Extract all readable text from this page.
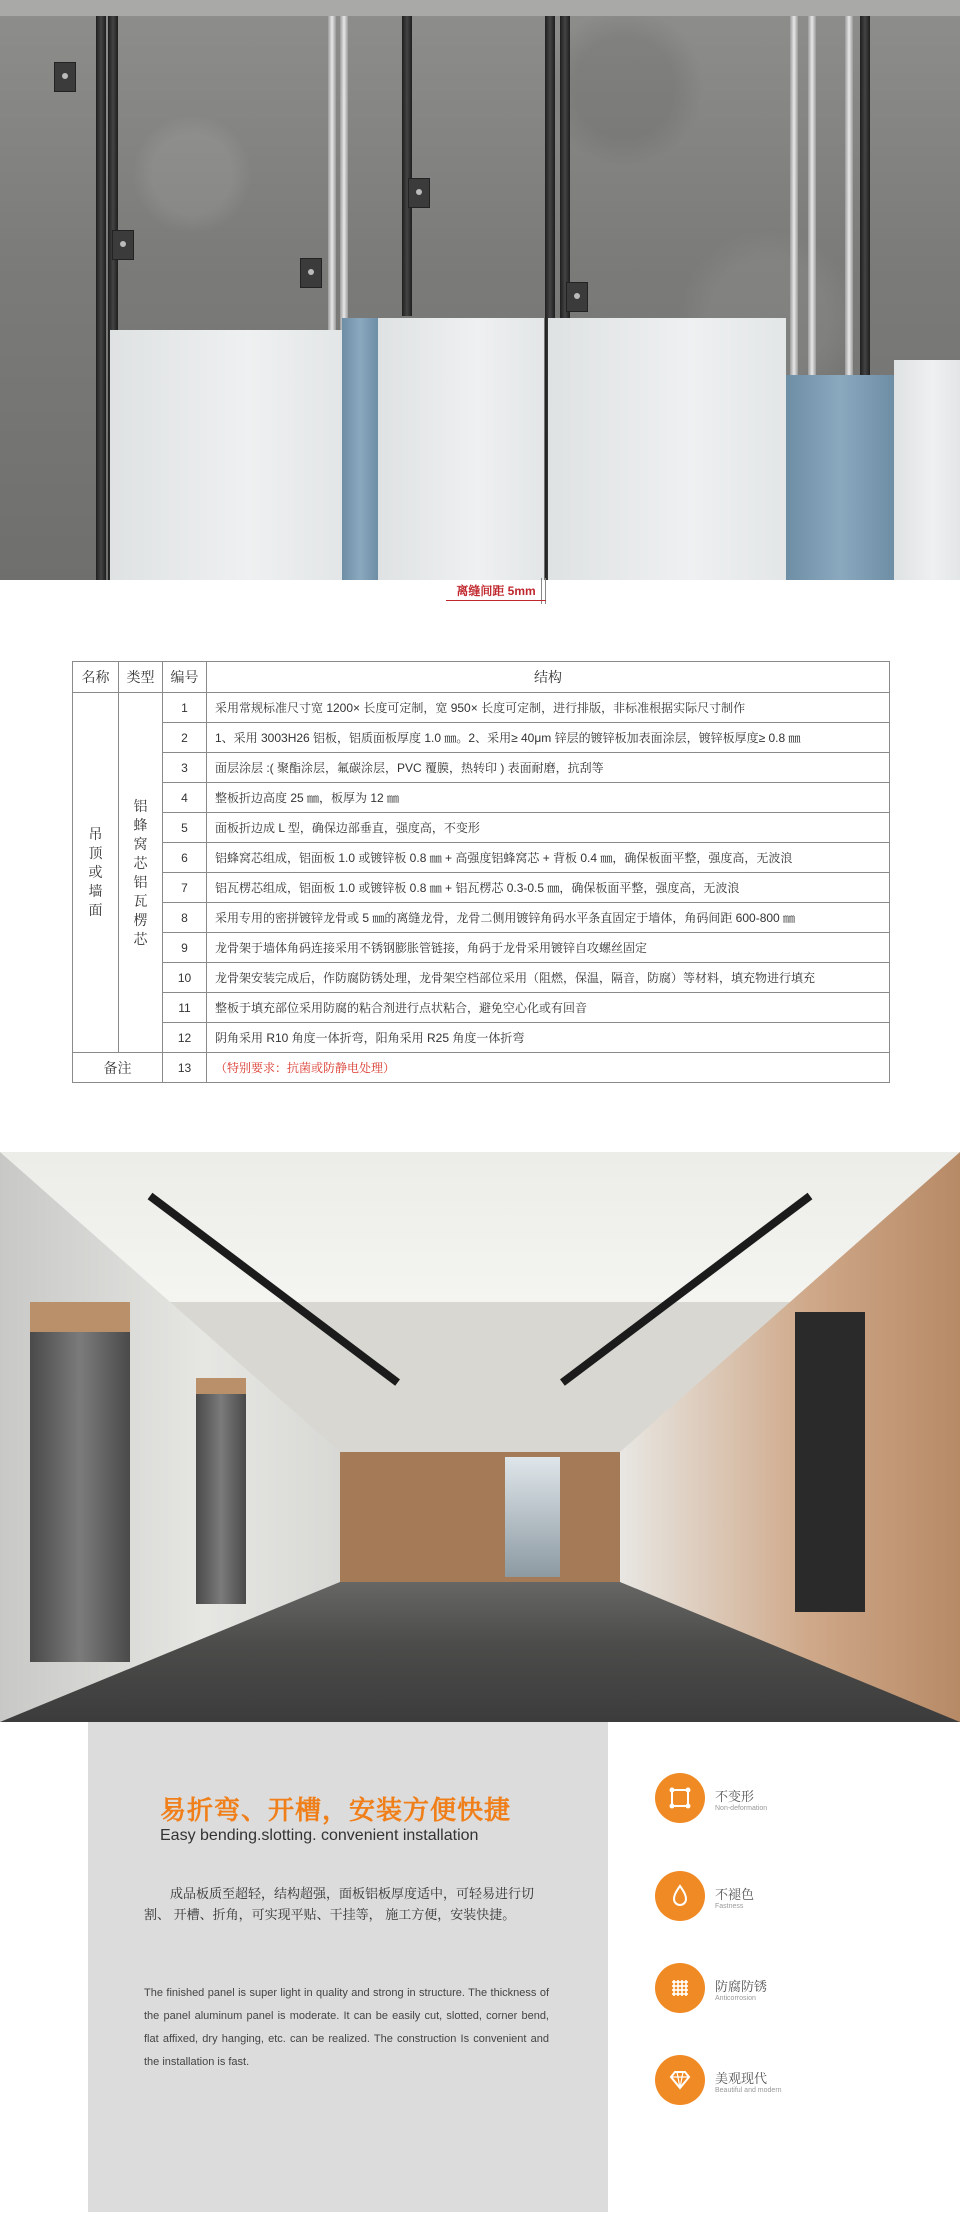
离缝间距 5mm
名称	类型	编号	结构
吊顶或墙面	铝蜂窝芯铝瓦楞芯	1	采用常规标准尺寸宽 1200× 长度可定制，宽 950× 长度可定制，进行排版，非标准根据实际尺寸制作
		2	1、采用 3003H26 铝板，铝质面板厚度 1.0 ㎜。2、采用≥ 40μm 锌层的镀锌板加表面涂层，镀锌板厚度≥ 0.8 ㎜
		3	面层涂层 :( 聚酯涂层，氟碳涂层，PVC 覆膜，热转印 ) 表面耐磨，抗刮等
		4	整板折边高度 25 ㎜，板厚为 12 ㎜
		5	面板折边成 L 型，确保边部垂直，强度高，不变形
		6	铝蜂窝芯组成，铝面板 1.0 或镀锌板 0.8 ㎜ + 高强度铝蜂窝芯 + 背板 0.4 ㎜，确保板面平整，强度高，无波浪
		7	铝瓦楞芯组成，铝面板 1.0 或镀锌板 0.8 ㎜ + 铝瓦楞芯 0.3-0.5 ㎜，确保板面平整，强度高，无波浪
		8	采用专用的密拼镀锌龙骨或 5 ㎜的离缝龙骨，龙骨二侧用镀锌角码水平条直固定于墙体，角码间距 600-800 ㎜
		9	龙骨架于墙体角码连接采用不锈钢膨胀管链接，角码于龙骨采用镀锌自攻螺丝固定
		10	龙骨架安装完成后，作防腐防锈处理，龙骨架空档部位采用（阻燃，保温，隔音，防腐）等材料，填充物进行填充
		11	整板于填充部位采用防腐的粘合剂进行点状粘合，避免空心化或有回音
		12	阴角采用 R10 角度一体折弯，阳角采用 R25 角度一体折弯
备注		13	（特别要求：抗菌或防静电处理）
易折弯、开槽，安装方便快捷
Easy bending.slotting. convenient installation
成品板质至超轻，结构超强，面板铝板厚度适中，可轻易进行切割、 开槽、折角，可实现平贴、干挂等， 施工方便，安装快捷。
The finished panel is super light in quality and strong in structure. The thickness of the panel aluminum panel is moderate. It can be easily cut, slotted, corner bend, flat affixed, dry hanging, etc. can be realized. The construction Is convenient and the installation is fast.
不变形
Non-deformation
不褪色
Fastness
防腐防锈
Anticorrosion
美观现代
Beautiful and modern
